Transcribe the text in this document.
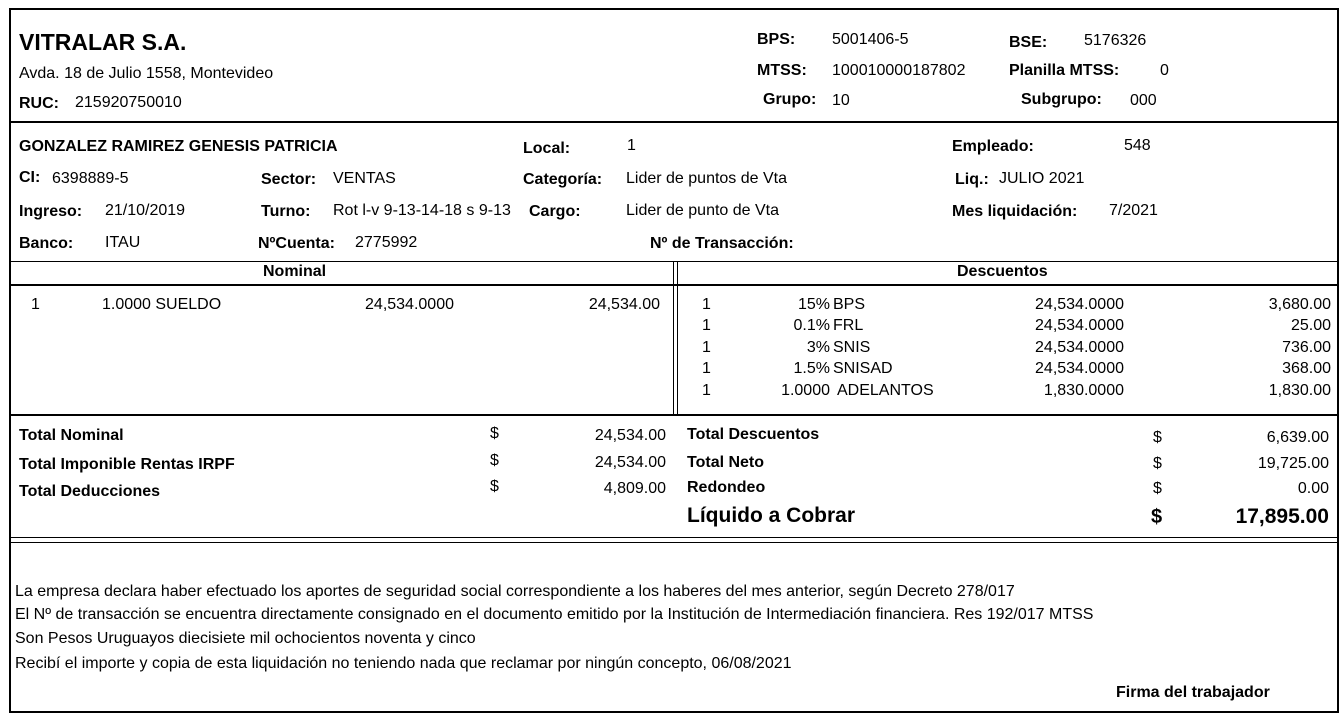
VITRALAR S.A.
Avda. 18 de Julio 1558, Montevideo
RUC: 215920750010
BPS: 5001406-5	BSE: 5176326
MTSS: 100010000187802	Planilla MTSS:	0
Grupo: 10	Subgrupo: 000
GONZALEZ RAMIREZ GENESIS PATRICIA	Local:	1	Empleado:	548
CI: 6398889-5	Sector: VENTAS	Categoría: Lider de puntos de Vta	Liq.: JULIO 2021
Ingreso: 21/10/2019	Turno: Rot l-v 9-13-14-18 s 9-13 Cargo:	Lider de punto de Vta	Mes liquidación: 7/2021
Banco: ITAU	NºCuenta: 2775992	Nº de Transacción:
Nominal	Descuentos
1	1.0000 SUELDO	24,534.0000	24,534.00	1	15% BPS	24,534.0000	3,680.00
1	0.1% FRL	24,534.0000	25.00
1	3% SNIS	24,534.0000	736.00
1	1.5% SNISAD	24,534.0000	368.00
1	1.0000 ADELANTOS	1,830.0000	1,830.00
Total Nominal	$	24,534.00
Total Imponible Rentas IRPF	$	24,534.00
Total Deducciones	$	4,809.00
Total Descuentos	$	6,639.00
Total Neto	$	19,725.00
Redondeo	$	0.00
Líquido a Cobrar	$	17,895.00
La empresa declara haber efectuado los aportes de seguridad social correspondiente a los haberes del mes anterior, según Decreto 278/017
El Nº de transacción se encuentra directamente consignado en el documento emitido por la Institución de Intermediación financiera. Res 192/017 MTSS
Son Pesos Uruguayos diecisiete mil ochocientos noventa y cinco
Recibí el importe y copia de esta liquidación no teniendo nada que reclamar por ningún concepto, 06/08/2021
Firma del trabajador
